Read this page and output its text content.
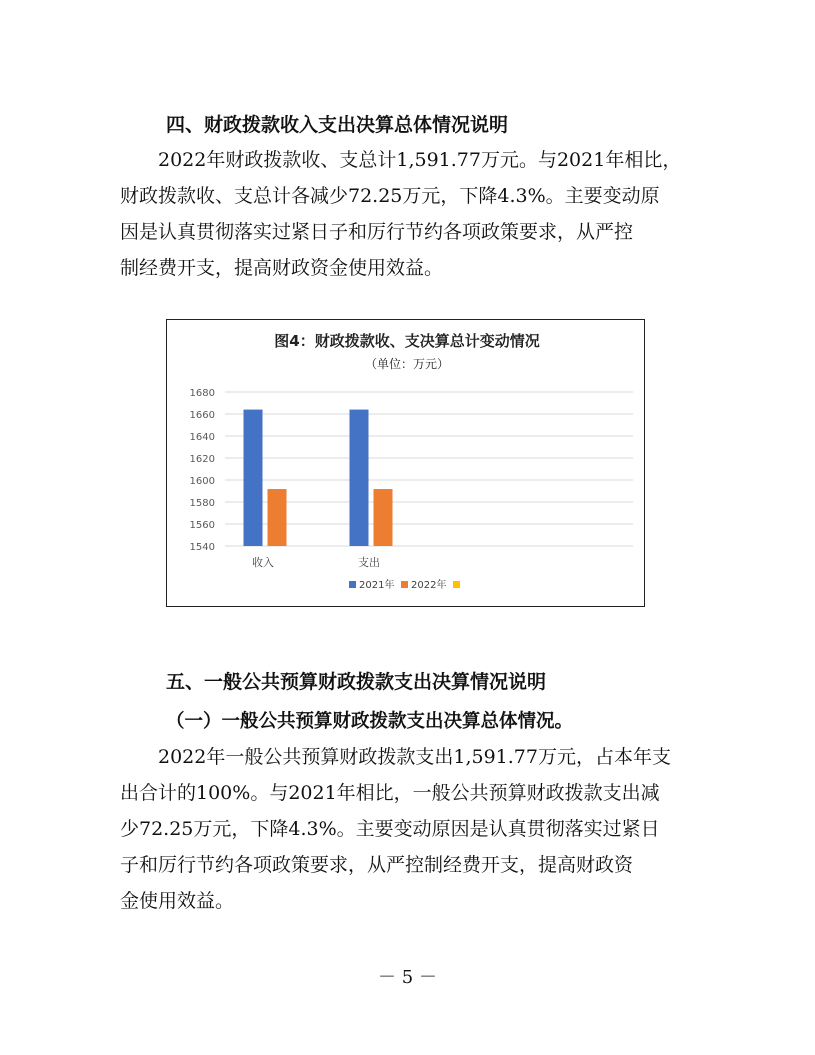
四、财政拨款收入支出决算总体情况说明
2022年财政拨款收、支总计1,591.77万元。与2021年相比，
财政拨款收、支总计各减少72.25万元，下降4.3%。主要变动原
因是认真贯彻落实过紧日子和厉行节约各项政策要求，从严控
制经费开支，提高财政资金使用效益。
图4：财政拨款收、支决算总计变动情况
（单位：万元）
1540
1560
1580
1600
1620
1640
1660
1680
收入	支出
2021年 2022年
五、一般公共预算财政拨款支出决算情况说明
（一）一般公共预算财政拨款支出决算总体情况。
2022年一般公共预算财政拨款支出1,591.77万元，占本年支
出合计的100%。与2021年相比，一般公共预算财政拨款支出减
少72.25万元，下降4.3%。主要变动原因是认真贯彻落实过紧日
子和厉行节约各项政策要求，从严控制经费开支，提高财政资
金使用效益。
－ 5 －
